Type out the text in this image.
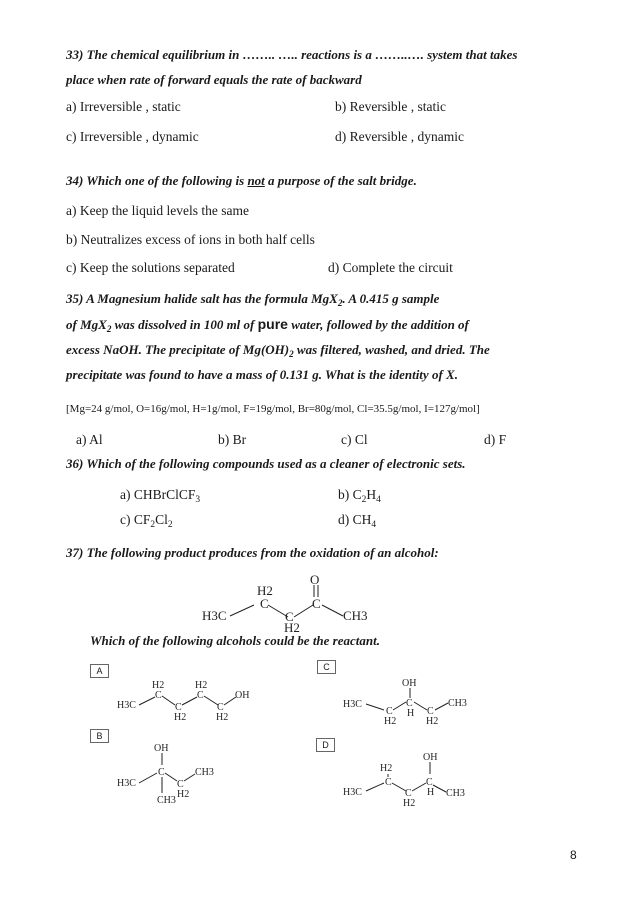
33) The chemical equilibrium in …….. ….. reactions is a ……..…. system that takes
place when rate of forward equals the rate of backward
a) Irreversible , static	b) Reversible , static
c) Irreversible , dynamic	d) Reversible , dynamic
34) Which one of the following is not a purpose of the salt bridge.
a) Keep the liquid levels the same
b) Neutralizes excess of ions in both half cells
c) Keep the solutions separated	d) Complete the circuit
35) A Magnesium halide salt has the formula MgX$_2$. A 0.415 g sample
of MgX$_2$ was dissolved in 100 ml of pure water, followed by the addition of
excess NaOH. The precipitate of $Mg(OH)_2$ was filtered, washed, and dried. The
precipitate was found to have a mass of 0.131 g. What is the identity of X.
[Mg=24 g/mol, O=16g/mol, H=1g/mol, F=19g/mol, Br=80g/mol, Cl=35.5g/mol, I=127g/mol]
a) Al	b) Br	c) Cl	d) F
36) Which of the following compounds used as a cleaner of electronic sets.
a) CHBrClCF$_3$	b) $C_2H_4$
c) $CF_2Cl_2$	d) $CH_4$
37) The following product produces from the oxidation of an alcohol:
H3C
H2
C
C
H2
C
O
CH3
Which of the following alcohols could be the reactant.
A
H3C
C
H2
C
H2
C
H2
C
H2
OH
C
OH
H3C
C
H2
C
H C
H2
CH3
B
OH
H3C
C
CH3
C
H2
CH3
D
OH
H2
H3C
C
C
H2
C
H CH3
8
